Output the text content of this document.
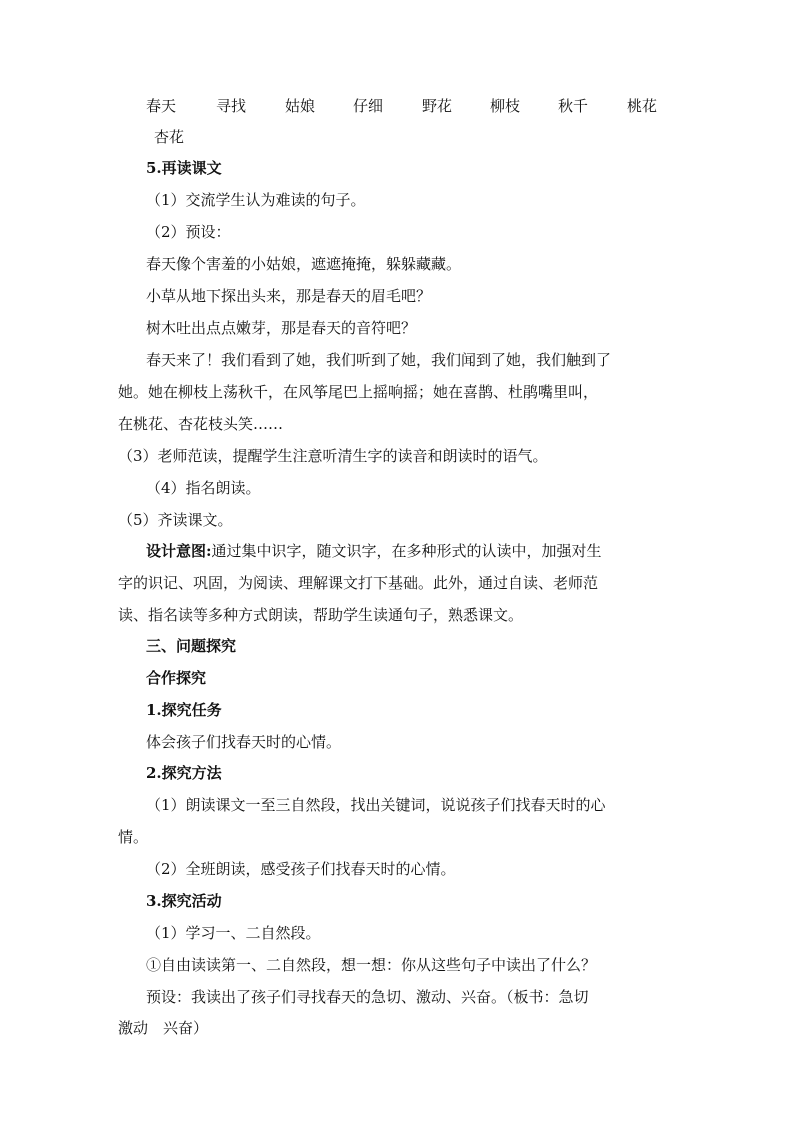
春天	寻找	姑娘	仔细	野花	柳枝	秋千	桃花
杏花
5.再读课文
（1）交流学生认为难读的句子。
（2）预设：
春天像个害羞的小姑娘，遮遮掩掩，躲躲藏藏。
小草从地下探出头来，那是春天的眉毛吧？
树木吐出点点嫩芽，那是春天的音符吧？
春天来了！我们看到了她，我们听到了她，我们闻到了她，我们触到了
她。她在柳枝上荡秋千，在风筝尾巴上摇响摇；她在喜鹊、杜鹃嘴里叫，
在桃花、杏花枝头笑……
（3）老师范读，提醒学生注意听清生字的读音和朗读时的语气。
（4）指名朗读。
（5）齐读课文。
设计意图:通过集中识字，随文识字，在多种形式的认读中，加强对生
字的识记、巩固，为阅读、理解课文打下基础。此外，通过自读、老师范
读、指名读等多种方式朗读，帮助学生读通句子，熟悉课文。
三、问题探究
合作探究
1.探究任务
体会孩子们找春天时的心情。
2.探究方法
（1）朗读课文一至三自然段，找出关键词，说说孩子们找春天时的心
情。
（2）全班朗读，感受孩子们找春天时的心情。
3.探究活动
（1）学习一、二自然段。
①自由读读第一、二自然段，想一想：你从这些句子中读出了什么？
预设：我读出了孩子们寻找春天的急切、激动、兴奋。（板书：急切
激动　兴奋）
